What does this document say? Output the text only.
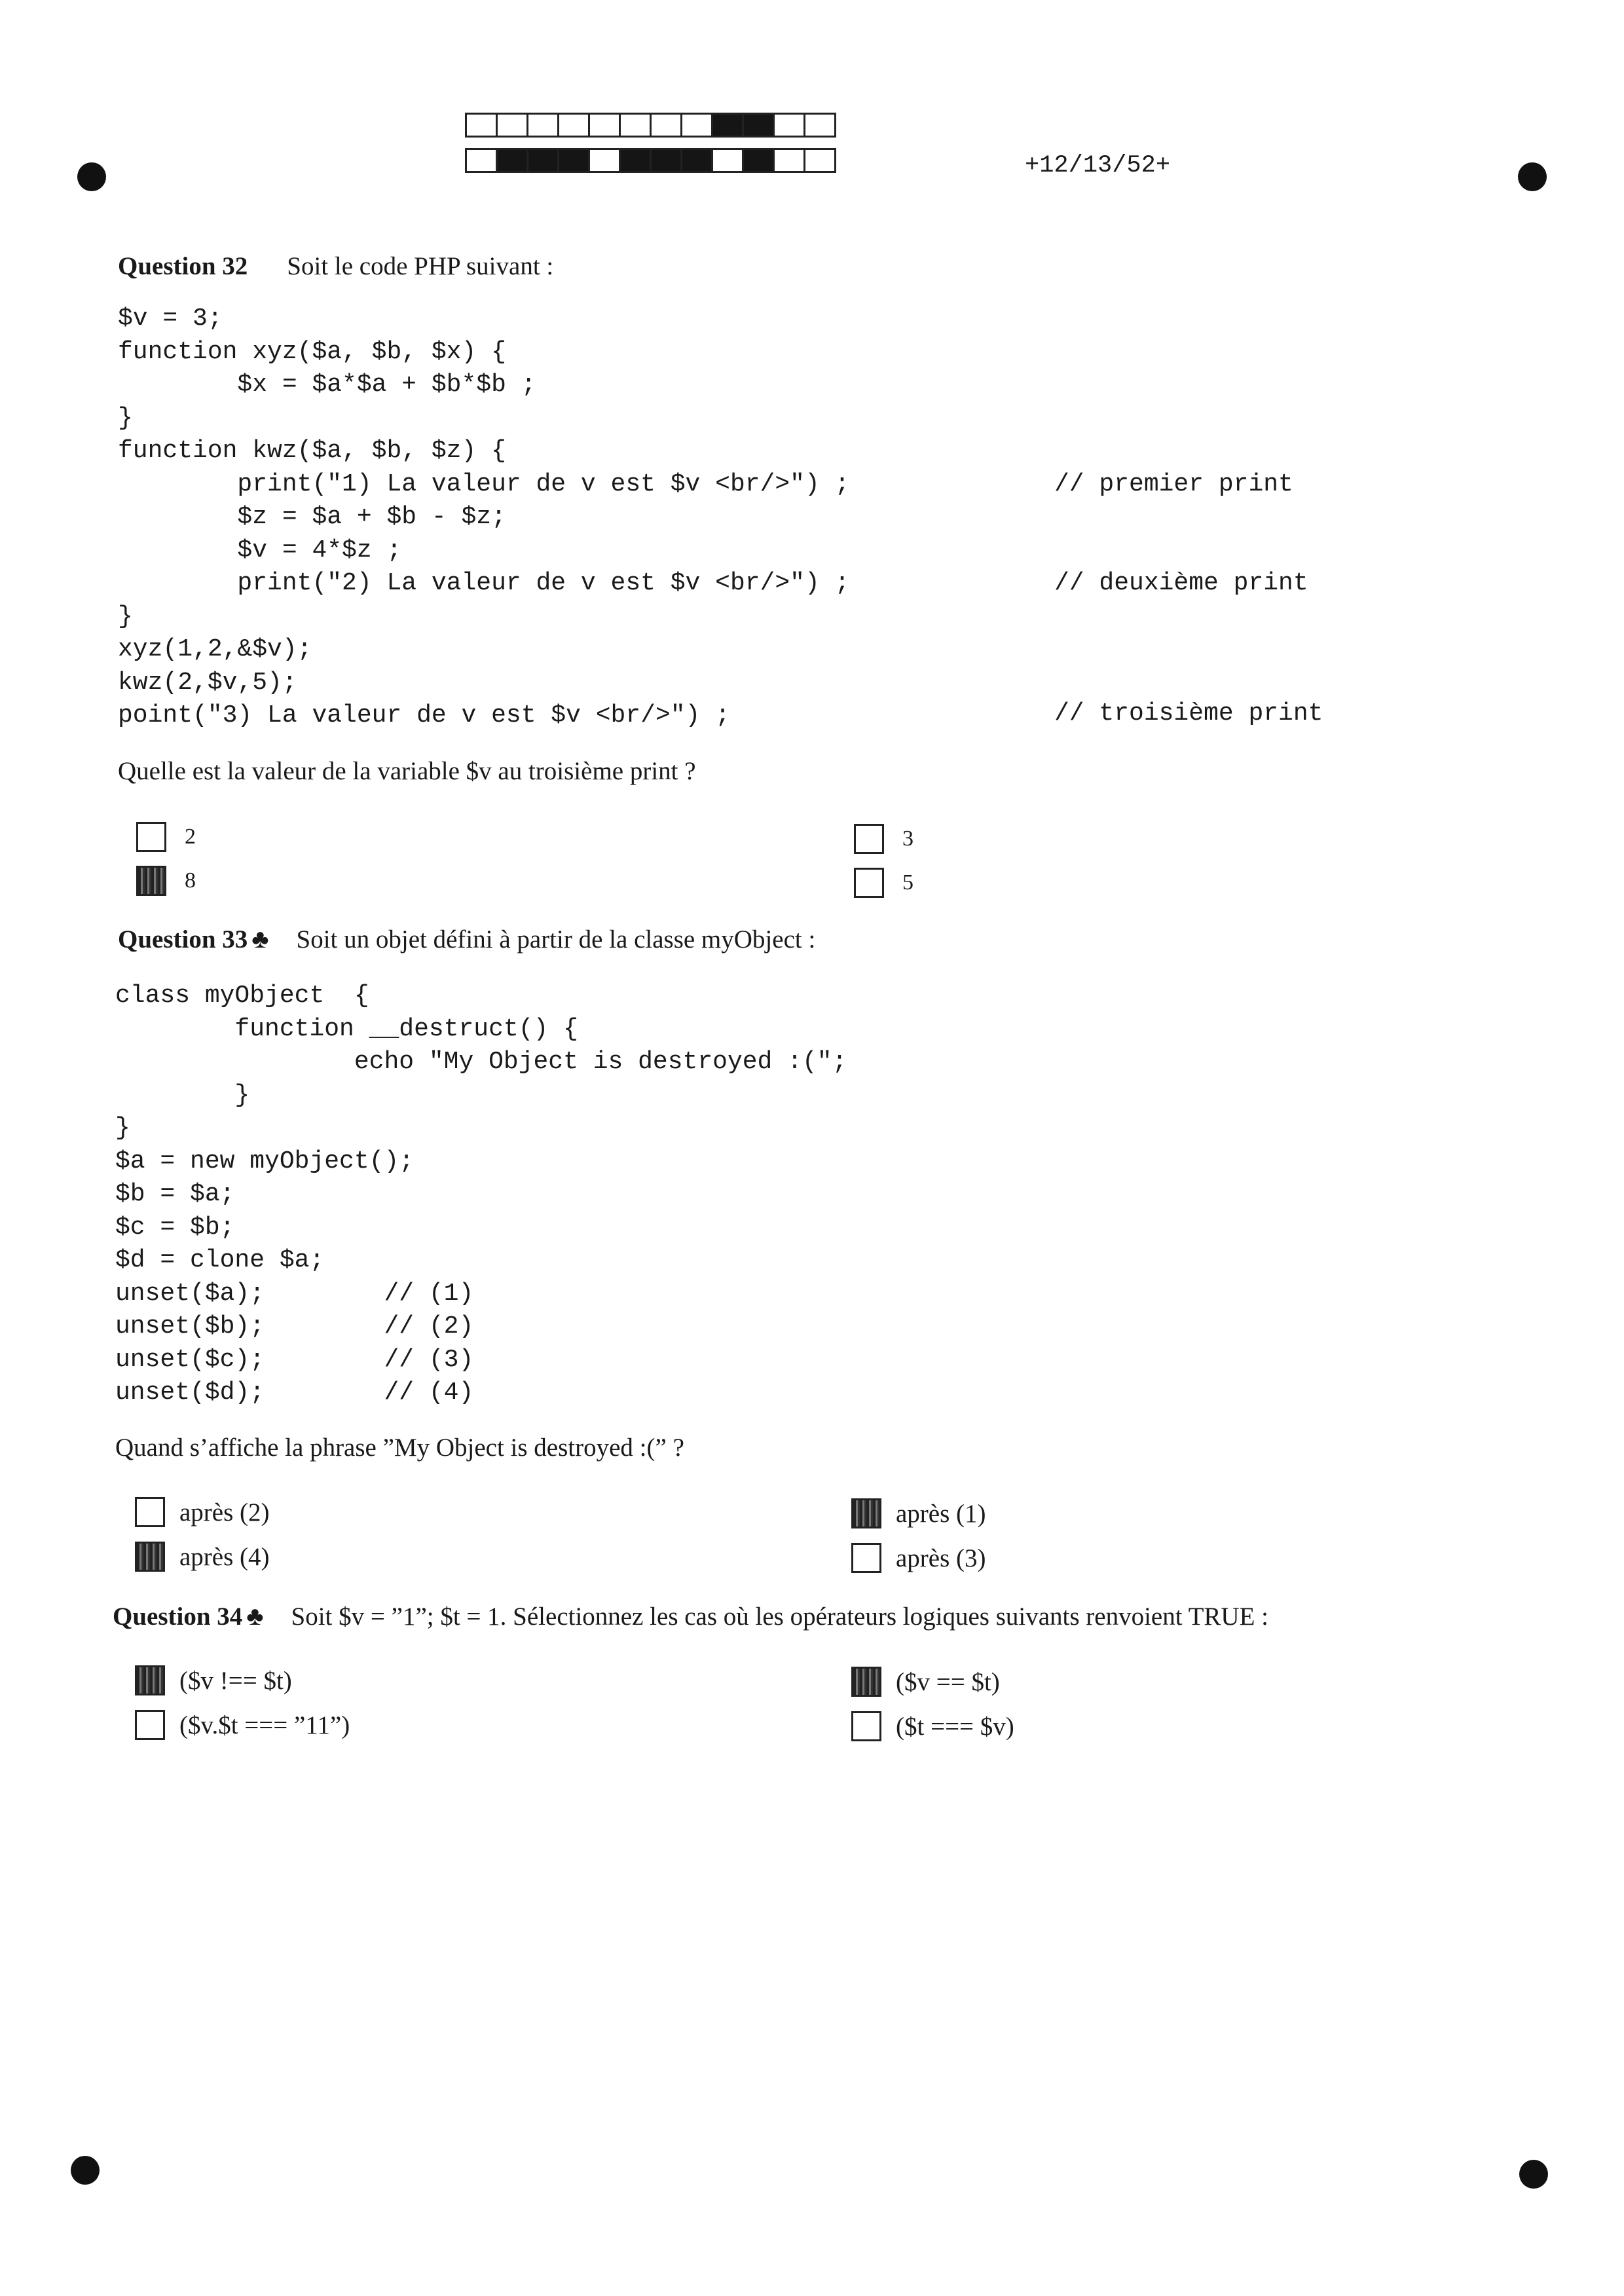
+12/13/52+
Question 32 Soit le code PHP suivant :
$v = 3;
function xyz($a, $b, $x) {
$x = $a*$a + $b*$b ;
}
function kwz($a, $b, $z) {
print("1) La valeur de v est $v <br/>") ;
$z = $a + $b - $z;
$v = 4*$z ;
print("2) La valeur de v est $v <br/>") ;
}
xyz(1,2,&$v);
kwz(2,$v,5);
point("3) La valeur de v est $v <br/>") ;
// premier print
// deuxième print
// troisième print
Quelle est la valeur de la variable $v au troisième print ?
2
8
3
5
Question 33 ♣ Soit un objet défini à partir de la classe myObject :
class myObject  {
function __destruct() {
echo "My Object is destroyed :(";
}
}
$a = new myObject();
$b = $a;
$c = $b;
$d = clone $a;
unset($a);        // (1)
unset($b);        // (2)
unset($c);        // (3)
unset($d);        // (4)
Quand s’affiche la phrase ”My Object is destroyed :(” ?
après (2)
après (4)
après (1)
après (3)
Question 34 ♣ Soit $v = ”1”; $t = 1. Sélectionnez les cas où les opérateurs logiques suivants renvoient TRUE :
($v !== $t)
($v.$t === ”11”)
($v == $t)
($t === $v)
